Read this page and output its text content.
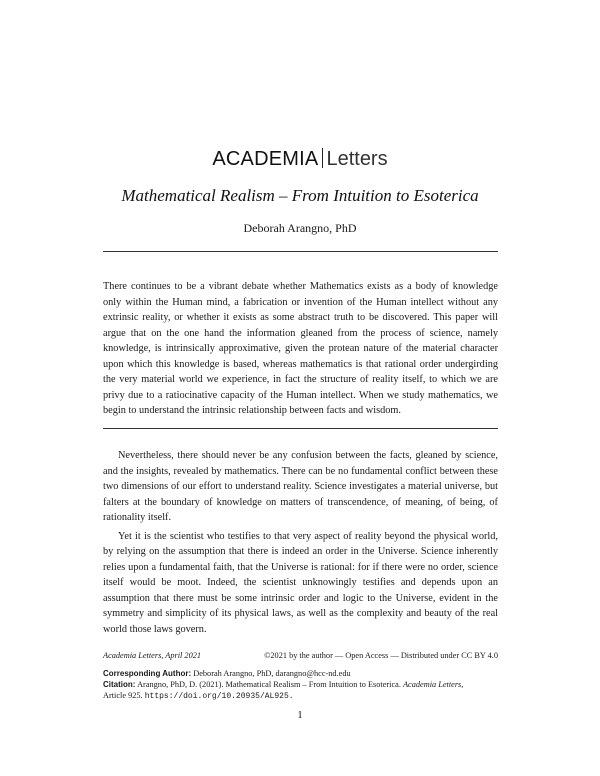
ACADEMIA Letters
Mathematical Realism – From Intuition to Esoterica
Deborah Arangno, PhD

There continues to be a vibrant debate whether Mathematics exists as a body of knowledge only within the Human mind, a fabrication or invention of the Human intellect without any extrinsic reality, or whether it exists as some abstract truth to be discovered. This paper will argue that on the one hand the information gleaned from the process of science, namely knowledge, is intrinsically approximative, given the protean nature of the material character upon which this knowledge is based, whereas mathematics is that rational order undergirding the very material world we experience, in fact the structure of reality itself, to which we are privy due to a ratiocinative capacity of the Human intellect. When we study mathematics, we begin to understand the intrinsic relationship between facts and wisdom.

Nevertheless, there should never be any confusion between the facts, gleaned by science, and the insights, revealed by mathematics. There can be no fundamental conflict between these two dimensions of our effort to understand reality. Science investigates a material universe, but falters at the boundary of knowledge on matters of transcendence, of meaning, of being, of rationality itself.

Yet it is the scientist who testifies to that very aspect of reality beyond the physical world, by relying on the assumption that there is indeed an order in the Universe. Science inherently relies upon a fundamental faith, that the Universe is rational: for if there were no order, science itself would be moot. Indeed, the scientist unknowingly testifies and depends upon an assumption that there must be some intrinsic order and logic to the Universe, evident in the symmetry and simplicity of its physical laws, as well as the complexity and beauty of the real world those laws govern.

Academia Letters, April 2021	©2021 by the author — Open Access — Distributed under CC BY 4.0
Corresponding Author: Deborah Arangno, PhD, darangno@hcc-nd.edu
Citation: Arangno, PhD, D. (2021). Mathematical Realism – From Intuition to Esoterica. Academia Letters,
Article 925. https://doi.org/10.20935/AL925.
1
